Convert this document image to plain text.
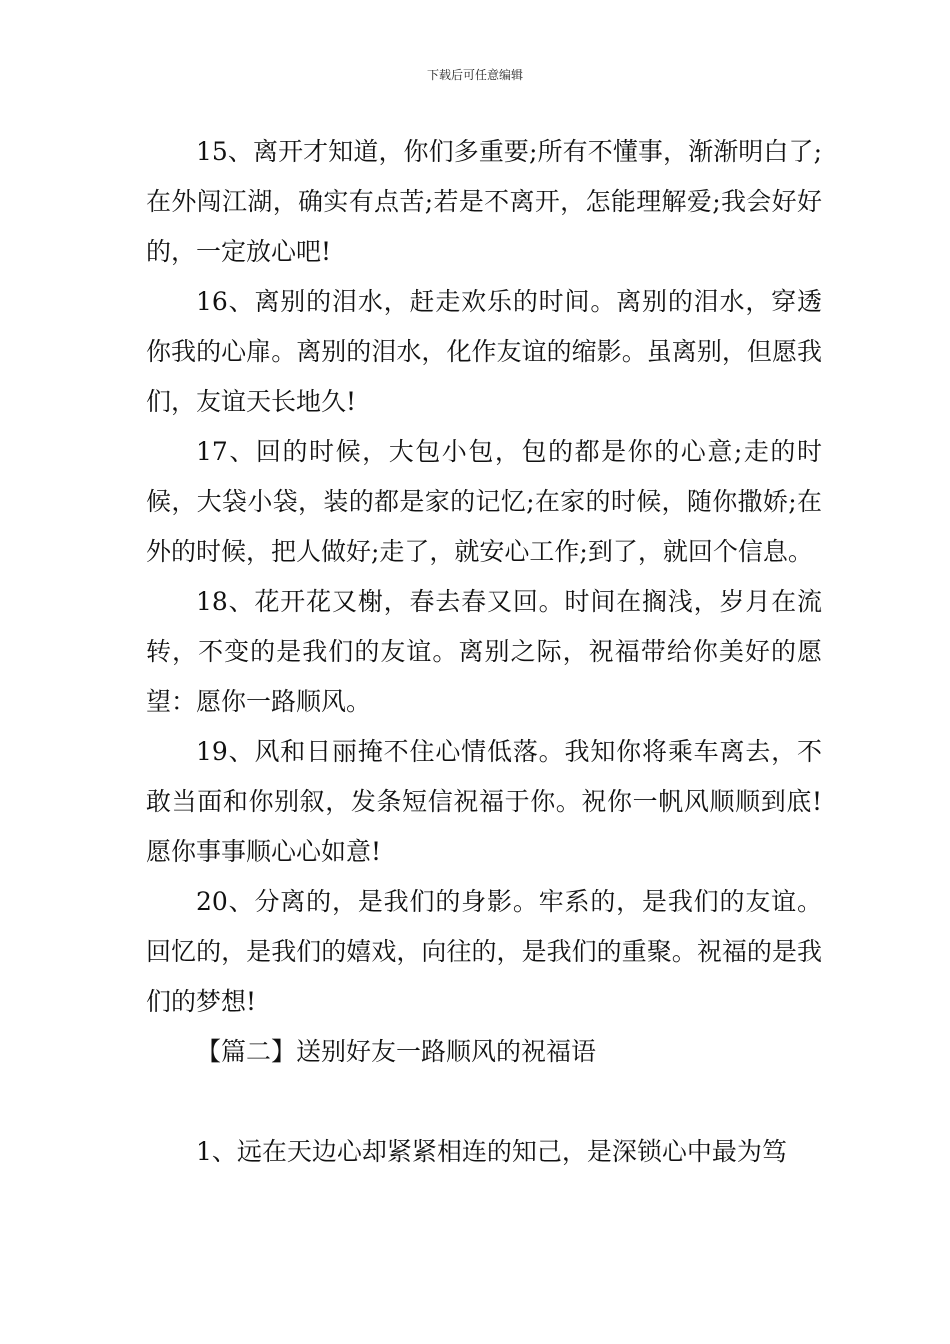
下载后可任意编辑

15、离开才知道，你们多重要;所有不懂事，渐渐明白了;在外闯江湖，确实有点苦;若是不离开，怎能理解爱;我会好好的，一定放心吧!

16、离别的泪水，赶走欢乐的时间。离别的泪水，穿透你我的心扉。离别的泪水，化作友谊的缩影。虽离别，但愿我们，友谊天长地久!

17、回的时候，大包小包，包的都是你的心意;走的时候，大袋小袋，装的都是家的记忆;在家的时候，随你撒娇;在外的时候，把人做好;走了，就安心工作;到了，就回个信息。

18、花开花又榭，春去春又回。时间在搁浅，岁月在流转，不变的是我们的友谊。离别之际，祝福带给你美好的愿望：愿你一路顺风。

19、风和日丽掩不住心情低落。我知你将乘车离去，不敢当面和你别叙，发条短信祝福于你。祝你一帆风顺顺到底!愿你事事顺心心如意!

20、分离的，是我们的身影。牢系的，是我们的友谊。回忆的，是我们的嬉戏，向往的，是我们的重聚。祝福的是我们的梦想!

【篇二】送别好友一路顺风的祝福语

1、远在天边心却紧紧相连的知己，是深锁心中最为笃
